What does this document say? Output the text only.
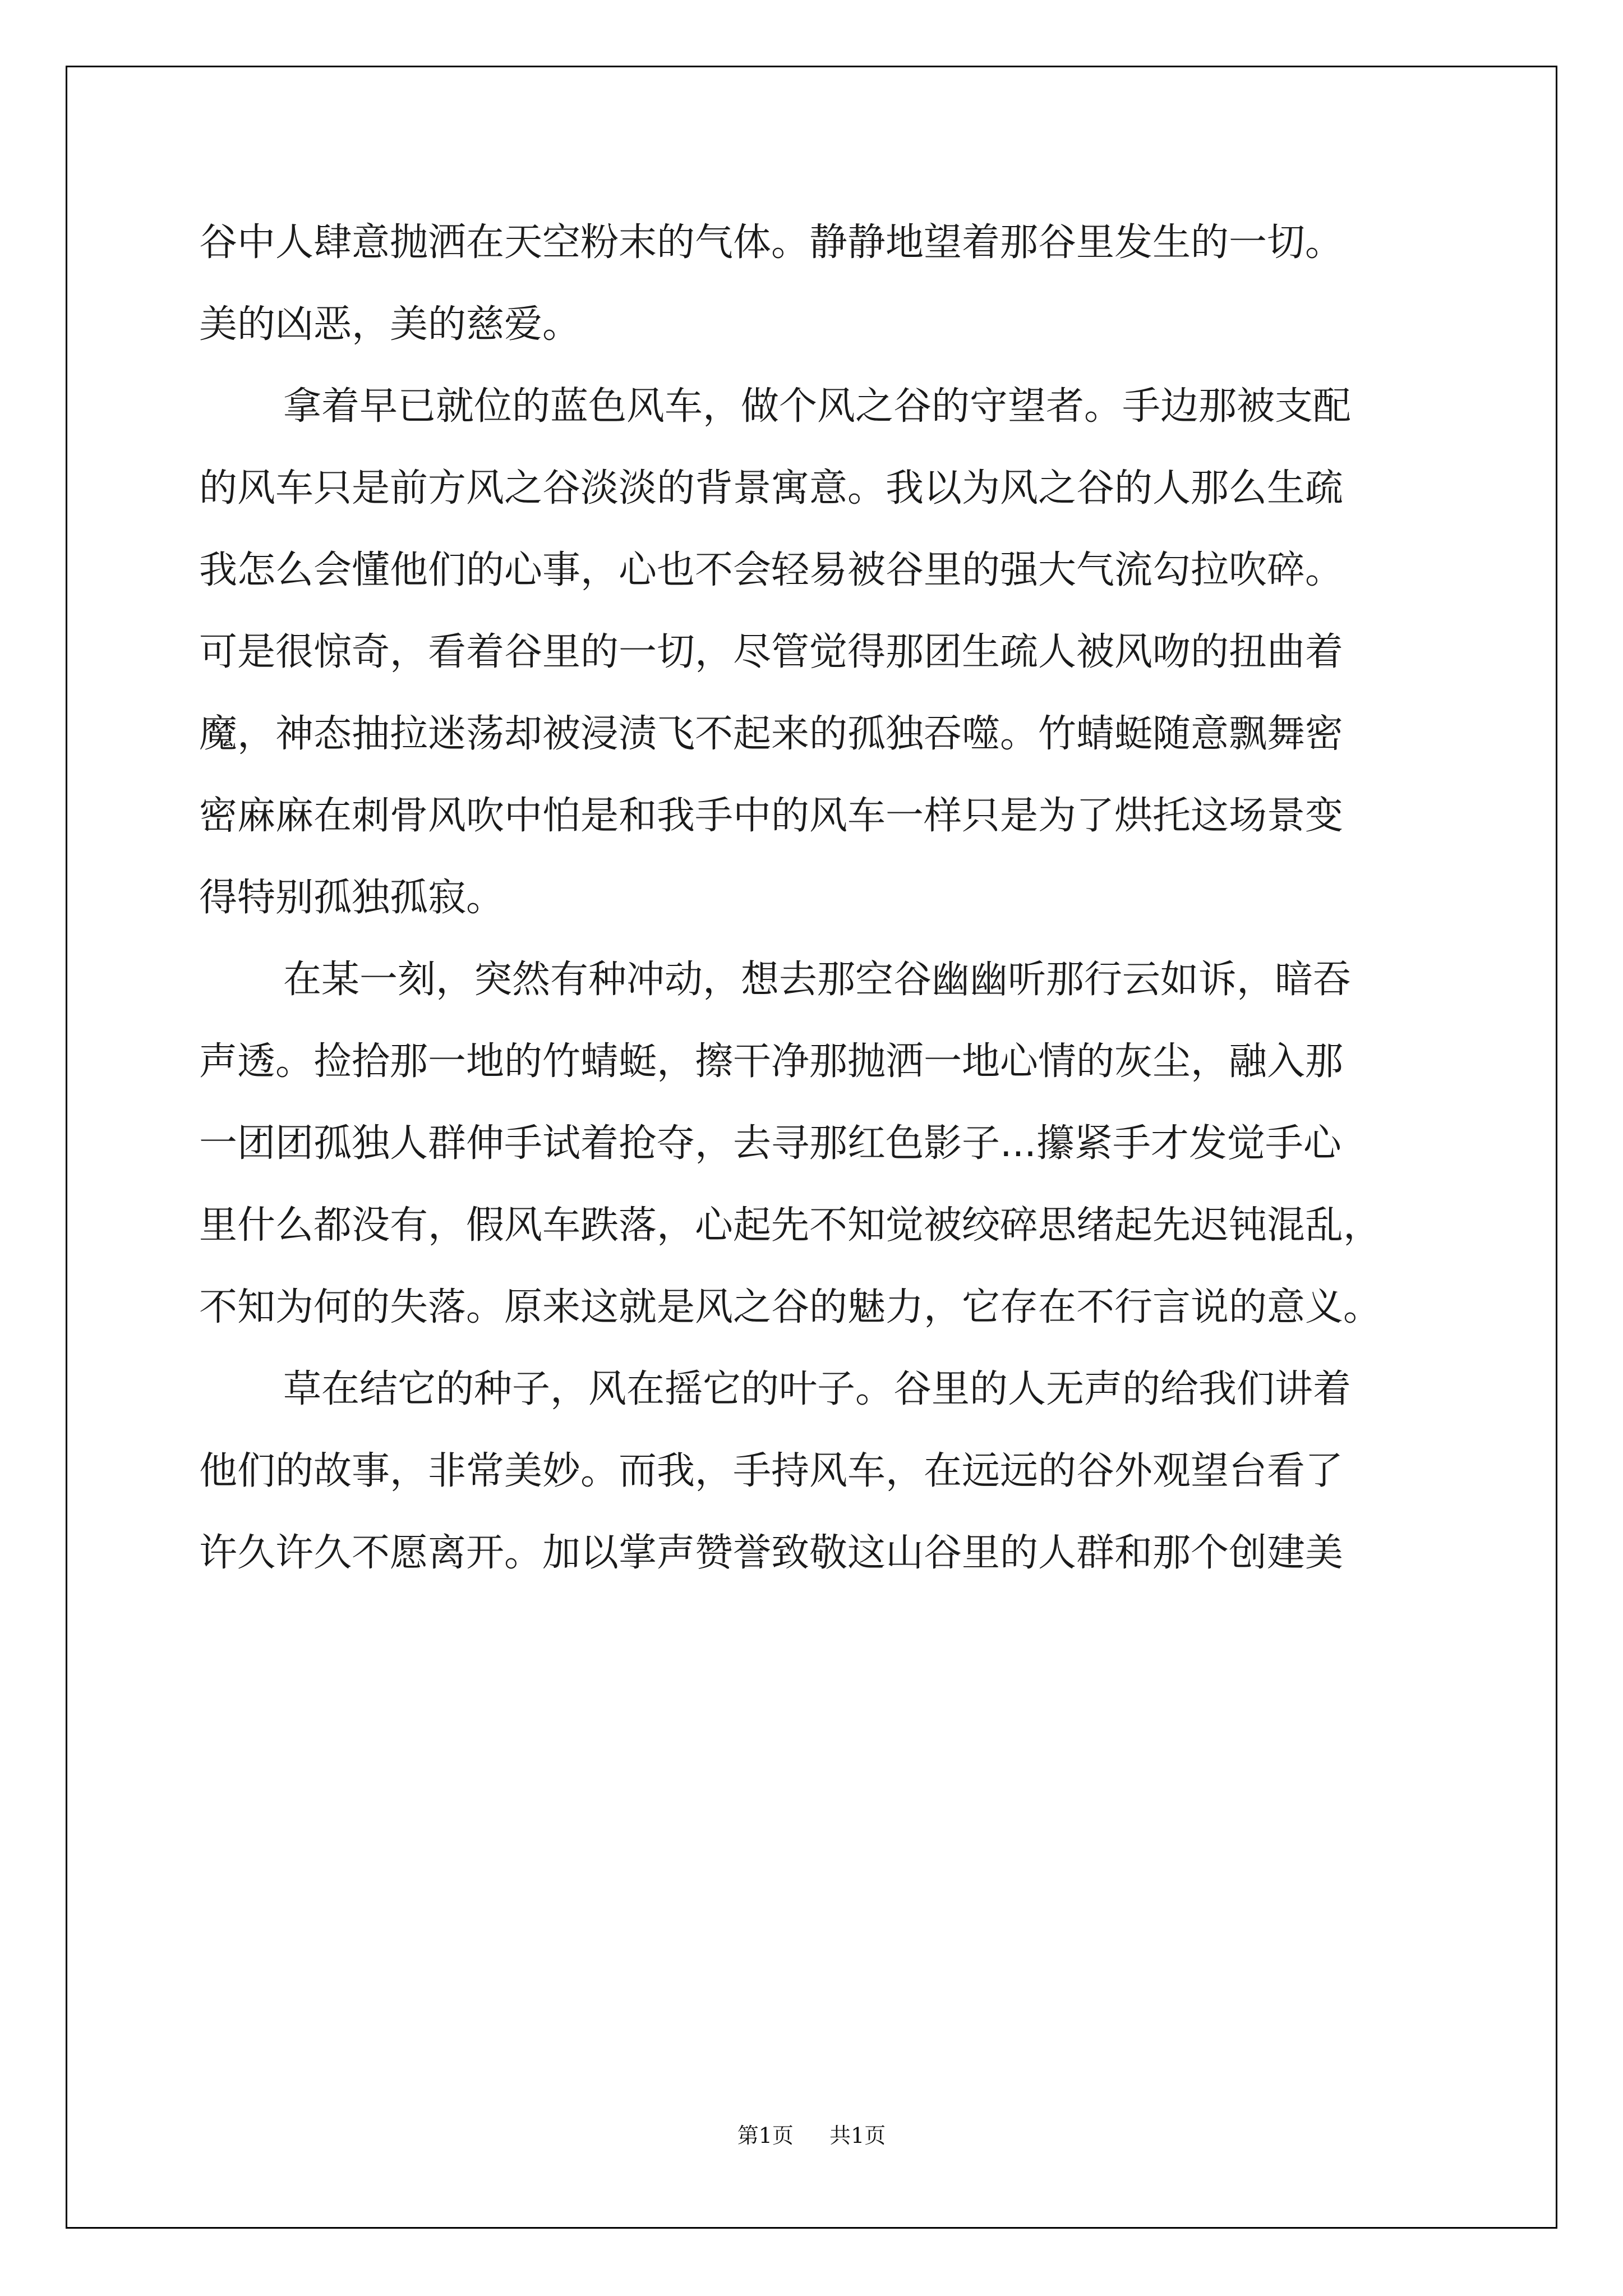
谷中人肆意抛洒在天空粉末的气体。静静地望着那谷里发生的一切。
美的凶恶，美的慈爱。
拿着早已就位的蓝色风车，做个风之谷的守望者。手边那被支配
的风车只是前方风之谷淡淡的背景寓意。我以为风之谷的人那么生疏
我怎么会懂他们的心事，心也不会轻易被谷里的强大气流勾拉吹碎。
可是很惊奇，看着谷里的一切，尽管觉得那团生疏人被风吻的扭曲着
魔，神态抽拉迷荡却被浸渍飞不起来的孤独吞噬。竹蜻蜓随意飘舞密
密麻麻在刺骨风吹中怕是和我手中的风车一样只是为了烘托这场景变
得特别孤独孤寂。
在某一刻，突然有种冲动，想去那空谷幽幽听那行云如诉，暗吞
声透。捡拾那一地的竹蜻蜓，擦干净那抛洒一地心情的灰尘，融入那
一团团孤独人群伸手试着抢夺，去寻那红色影子...攥紧手才发觉手心
里什么都没有，假风车跌落，心起先不知觉被绞碎思绪起先迟钝混乱，
不知为何的失落。原来这就是风之谷的魅力，它存在不行言说的意义。
草在结它的种子，风在摇它的叶子。谷里的人无声的给我们讲着
他们的故事，非常美妙。而我，手持风车，在远远的谷外观望台看了
许久许久不愿离开。加以掌声赞誉致敬这山谷里的人群和那个创建美
第1页 共1页
